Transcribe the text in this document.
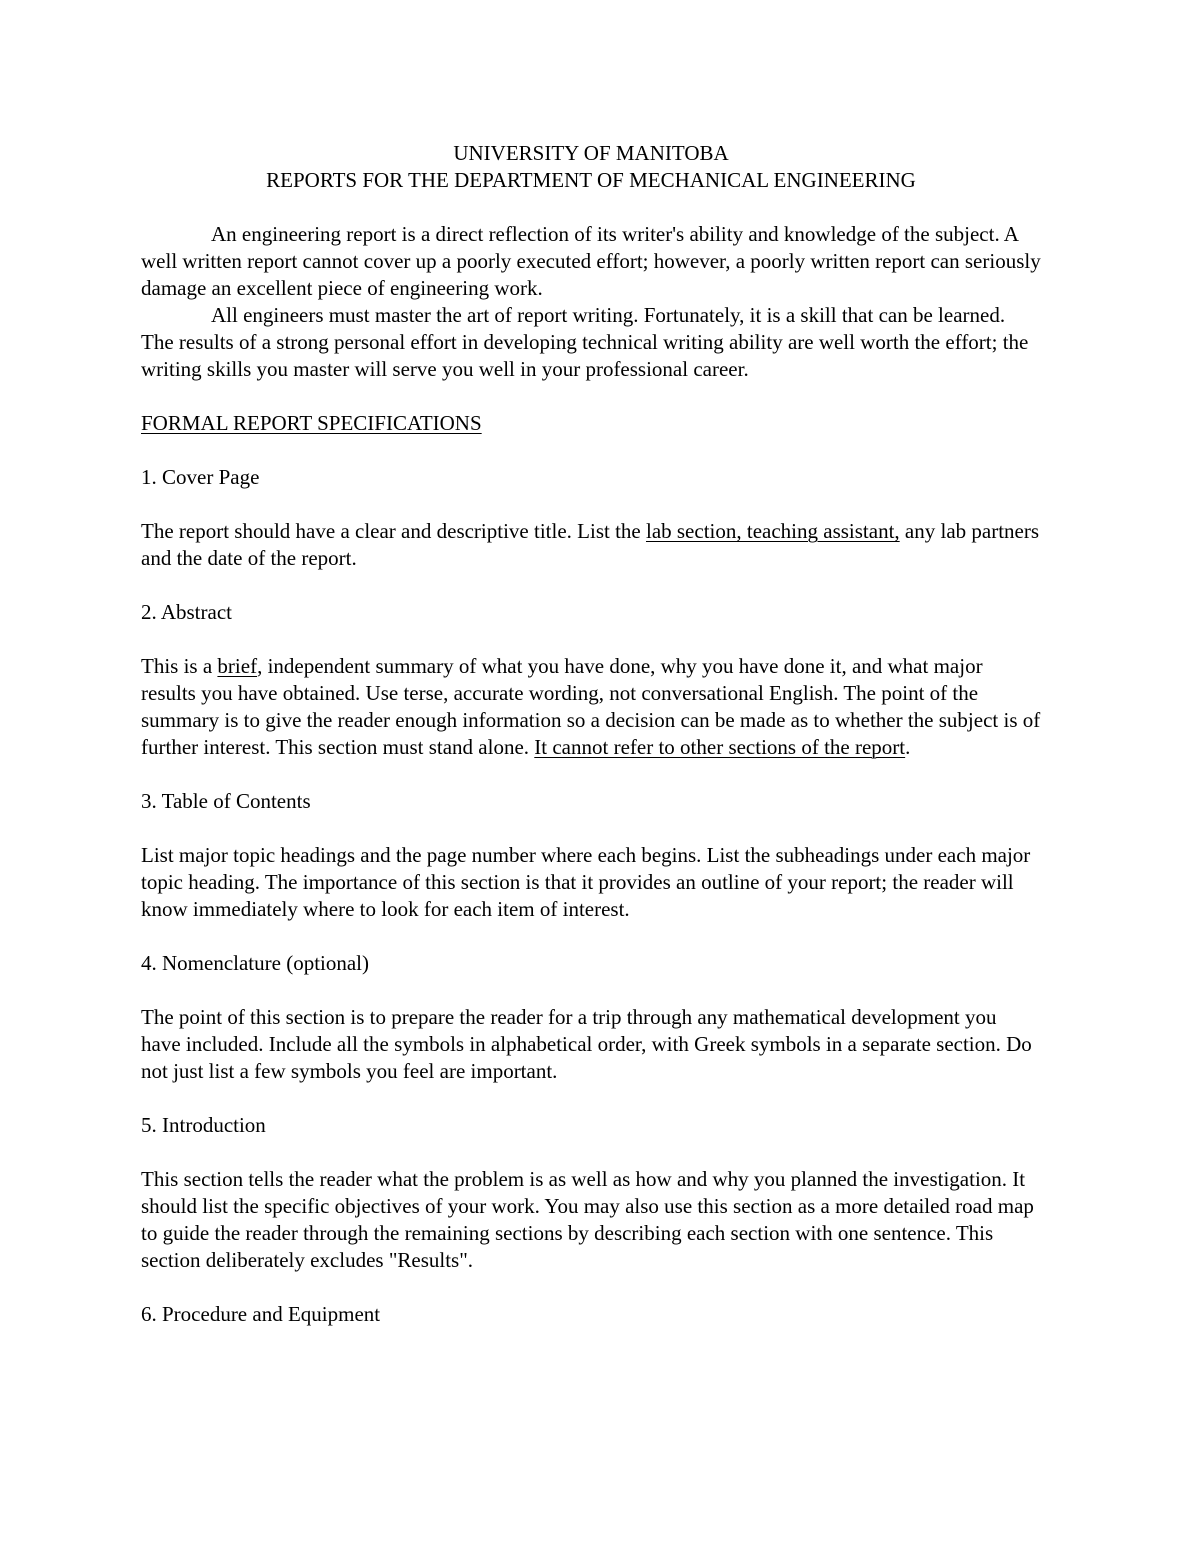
UNIVERSITY OF MANITOBA

REPORTS FOR THE DEPARTMENT OF MECHANICAL ENGINEERING

An engineering report is a direct reflection of its writer's ability and knowledge of the subject. A well written report cannot cover up a poorly executed effort; however, a poorly written report can seriously damage an excellent piece of engineering work.

All engineers must master the art of report writing. Fortunately, it is a skill that can be learned. The results of a strong personal effort in developing technical writing ability are well worth the effort; the writing skills you master will serve you well in your professional career.

FORMAL REPORT SPECIFICATIONS

1. Cover Page

The report should have a clear and descriptive title. List the lab section, teaching assistant, any lab partners and the date of the report.

2. Abstract

This is a brief, independent summary of what you have done, why you have done it, and what major results you have obtained. Use terse, accurate wording, not conversational English. The point of the summary is to give the reader enough information so a decision can be made as to whether the subject is of further interest. This section must stand alone. It cannot refer to other sections of the report.

3. Table of Contents

List major topic headings and the page number where each begins. List the subheadings under each major topic heading. The importance of this section is that it provides an outline of your report; the reader will know immediately where to look for each item of interest.

4. Nomenclature (optional)

The point of this section is to prepare the reader for a trip through any mathematical development you have included. Include all the symbols in alphabetical order, with Greek symbols in a separate section. Do not just list a few symbols you feel are important.

5. Introduction

This section tells the reader what the problem is as well as how and why you planned the investigation. It should list the specific objectives of your work. You may also use this section as a more detailed road map to guide the reader through the remaining sections by describing each section with one sentence. This section deliberately excludes "Results".

6. Procedure and Equipment
